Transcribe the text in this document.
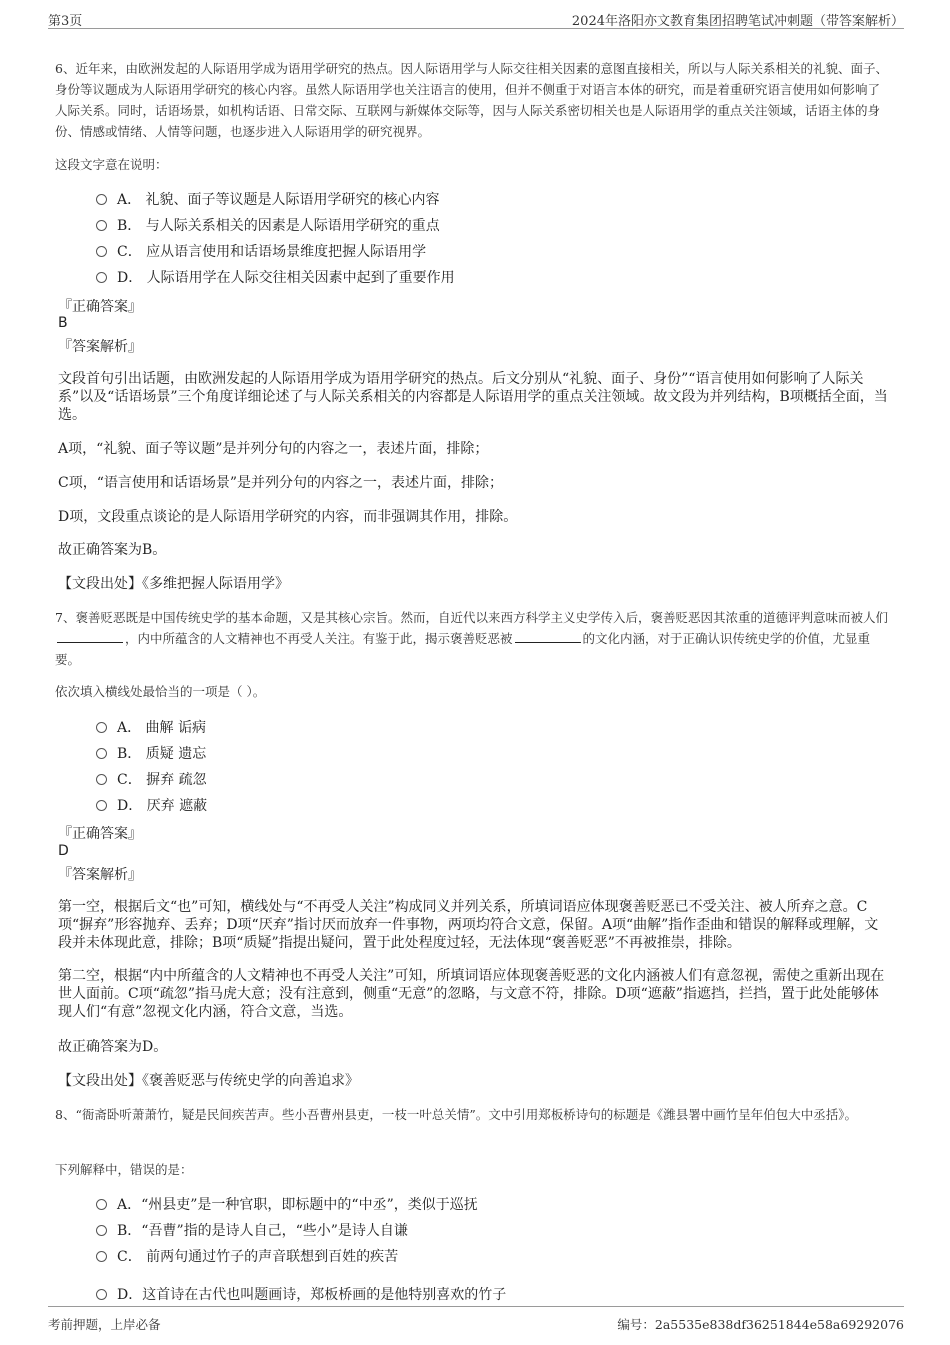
第3页	2024年洛阳亦文教育集团招聘笔试冲刺题（带答案解析）
6、近年来，由欧洲发起的人际语用学成为语用学研究的热点。因人际语用学与人际交往相关因素的意图直接相关，所以与人际关系相关的礼貌、面子、身份等议题成为人际语用学研究的核心内容。虽然人际语用学也关注语言的使用，但并不侧重于对语言本体的研究，而是着重研究语言使用如何影响了人际关系。同时，话语场景，如机构话语、日常交际、互联网与新媒体交际等，因与人际关系密切相关也是人际语用学的重点关注领域，话语主体的身份、情感或情绪、人情等问题，也逐步进入人际语用学的研究视界。
这段文字意在说明：
A． 礼貌、面子等议题是人际语用学研究的核心内容
B． 与人际关系相关的因素是人际语用学研究的重点
C． 应从语言使用和话语场景维度把握人际语用学
D． 人际语用学在人际交往相关因素中起到了重要作用
『正确答案』
B
『答案解析』
文段首句引出话题，由欧洲发起的人际语用学成为语用学研究的热点。后文分别从“礼貌、面子、身份”“语言使用如何影响了人际关系”以及“话语场景”三个角度详细论述了与人际关系相关的内容都是人际语用学的重点关注领域。故文段为并列结构，B项概括全面，当选。
A项，“礼貌、面子等议题”是并列分句的内容之一，表述片面，排除；
C项，“语言使用和话语场景”是并列分句的内容之一，表述片面，排除；
D项，文段重点谈论的是人际语用学研究的内容，而非强调其作用，排除。
故正确答案为B。
【文段出处】《多维把握人际语用学》
7、褒善贬恶既是中国传统史学的基本命题，又是其核心宗旨。然而，自近代以来西方科学主义史学传入后，褒善贬恶因其浓重的道德评判意味而被人们，内中所蕴含的人文精神也不再受人关注。有鉴于此，揭示褒善贬恶被	的文化内涵，对于正确认识传统史学的价值，尤显重要。
依次填入横线处最恰当的一项是（ ）。
A． 曲解 诟病
B． 质疑 遗忘
C． 摒弃 疏忽
D． 厌弃 遮蔽
『正确答案』
D
『答案解析』
第一空，根据后文“也”可知，横线处与“不再受人关注”构成同义并列关系，所填词语应体现褒善贬恶已不受关注、被人所弃之意。C项“摒弃”形容抛弃、丢弃；D项“厌弃”指讨厌而放弃一件事物，两项均符合文意，保留。A项“曲解”指作歪曲和错误的解释或理解，文段并未体现此意，排除；B项“质疑”指提出疑问，置于此处程度过轻，无法体现“褒善贬恶”不再被推崇，排除。
第二空，根据“内中所蕴含的人文精神也不再受人关注”可知，所填词语应体现褒善贬恶的文化内涵被人们有意忽视，需使之重新出现在世人面前。C项“疏忽”指马虎大意；没有注意到，侧重“无意”的忽略，与文意不符，排除。D项“遮蔽”指遮挡，拦挡，置于此处能够体现人们“有意”忽视文化内涵，符合文意，当选。
故正确答案为D。
【文段出处】《褒善贬恶与传统史学的向善追求》
8、“衙斋卧听萧萧竹，疑是民间疾苦声。些小吾曹州县吏，一枝一叶总关情”。文中引用郑板桥诗句的标题是《潍县署中画竹呈年伯包大中丞括》。
下列解释中，错误的是：
A．“州县吏”是一种官职，即标题中的“中丞”，类似于巡抚
B．“吾曹”指的是诗人自己，“些小”是诗人自谦
C． 前两句通过竹子的声音联想到百姓的疾苦
D．这首诗在古代也叫题画诗，郑板桥画的是他特别喜欢的竹子
考前押题，上岸必备	编号：2a5535e838df36251844e58a69292076
